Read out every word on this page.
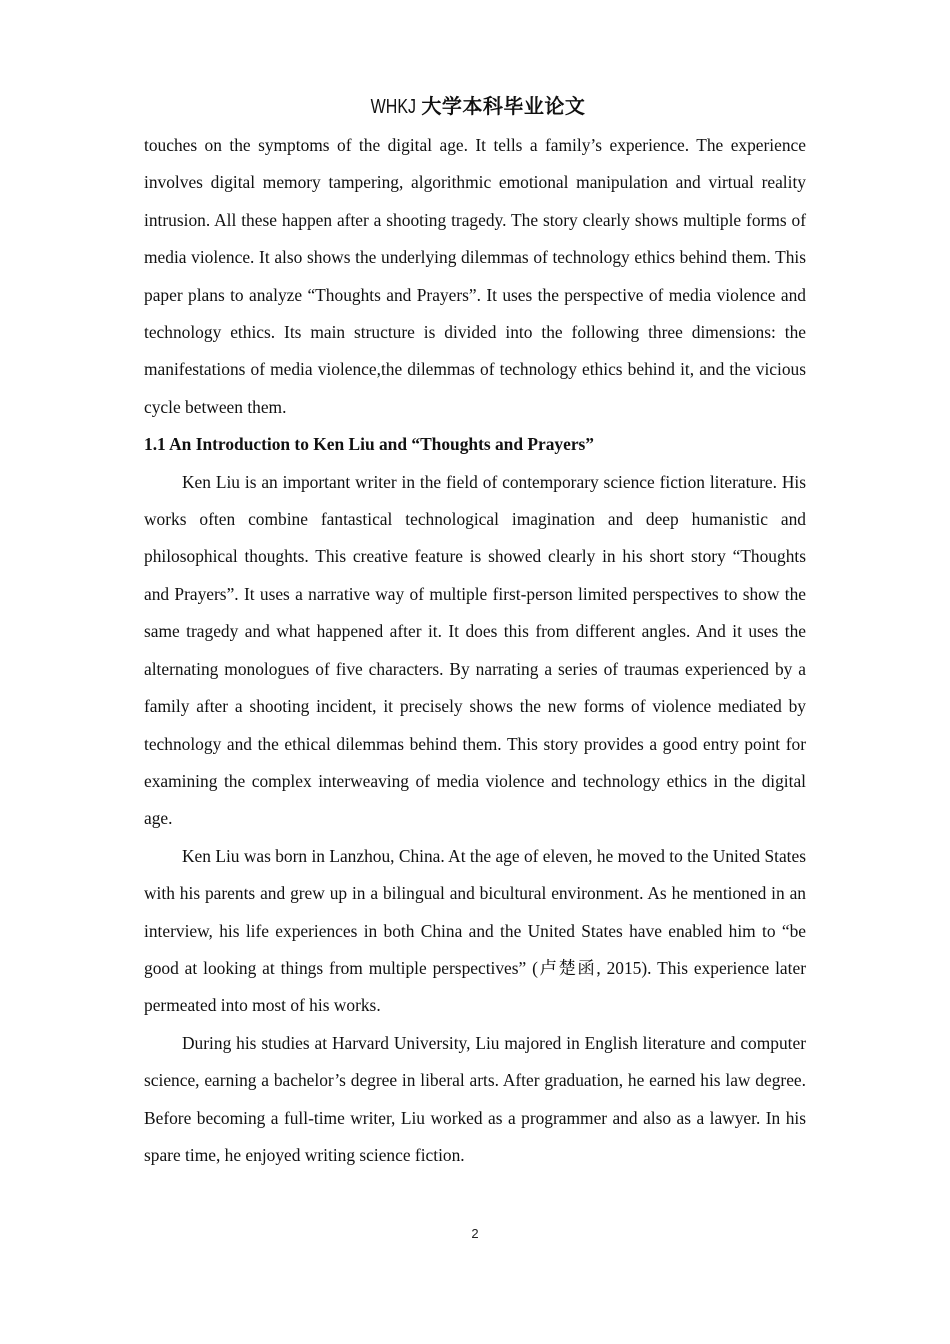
WHKJ 大学本科毕业论文

touches on the symptoms of the digital age. It tells a family’s experience. The experience involves digital memory tampering, algorithmic emotional manipulation and virtual reality intrusion. All these happen after a shooting tragedy. The story clearly shows multiple forms of media violence. It also shows the underlying dilemmas of technology ethics behind them. This paper plans to analyze “Thoughts and Prayers”. It uses the perspective of media violence and technology ethics. Its main structure is divided into the following three dimensions: the manifestations of media violence,the dilemmas of technology ethics behind it, and the vicious cycle between them.

1.1 An Introduction to Ken Liu and “Thoughts and Prayers”

Ken Liu is an important writer in the field of contemporary science fiction literature. His works often combine fantastical technological imagination and deep humanistic and philosophical thoughts. This creative feature is showed clearly in his short story “Thoughts and Prayers”. It uses a narrative way of multiple first-person limited perspectives to show the same tragedy and what happened after it. It does this from different angles. And it uses the alternating monologues of five characters. By narrating a series of traumas experienced by a family after a shooting incident, it precisely shows the new forms of violence mediated by technology and the ethical dilemmas behind them. This story provides a good entry point for examining the complex interweaving of media violence and technology ethics in the digital age.

Ken Liu was born in Lanzhou, China. At the age of eleven, he moved to the United States with his parents and grew up in a bilingual and bicultural environment. As he mentioned in an interview, his life experiences in both China and the United States have enabled him to “be good at looking at things from multiple perspectives” (卢楚函, 2015). This experience later permeated into most of his works.

During his studies at Harvard University, Liu majored in English literature and computer science, earning a bachelor’s degree in liberal arts. After graduation, he earned his law degree. Before becoming a full-time writer, Liu worked as a programmer and also as a lawyer. In his spare time, he enjoyed writing science fiction.

2
